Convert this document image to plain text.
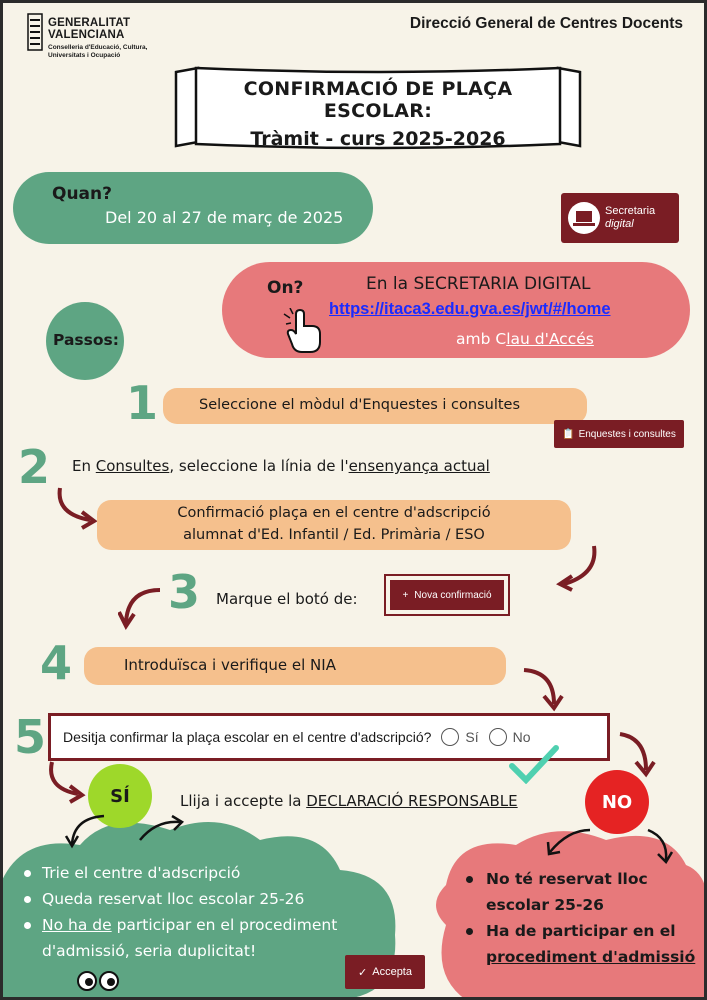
GENERALITAT
VALENCIANA
Conselleria d'Educació, Cultura, Universitats i Ocupació
Direcció General de Centres Docents
CONFIRMACIÓ DE PLAÇA ESCOLAR:
Tràmit - curs 2025-2026
Quan?
Del 20 al 27 de març de 2025	Secretaria
digital
On?	En la SECRETARIA DIGITAL
https://itaca3.edu.gva.es/jwt/#/home
amb Clau d'Accés
Passos:
1	Seleccione el mòdul d'Enquestes i consultes
📋 Enquestes i consultes
2 En Consultes, seleccione la línia de l'ensenyança actual
Confirmació plaça en el centre d'adscripció
alumnat d'Ed. Infantil / Ed. Primària / ESO
3 Marque el botó de:	+ Nova confirmació
4	Introduïsca i verifique el NIA
5 Desitja confirmar la plaça escolar en el centre d'adscripció? Sí No
SÍ	NO
Llija i accepte la DECLARACIÓ RESPONSABLE
Trie el centre d'adscripció
Queda reservat lloc escolar 25-26
No ha de participar en el procediment d'admissió, seria duplicitat!
No té reservat lloc escolar 25-26
Ha de participar en el procediment d'admissió
✓ Accepta
